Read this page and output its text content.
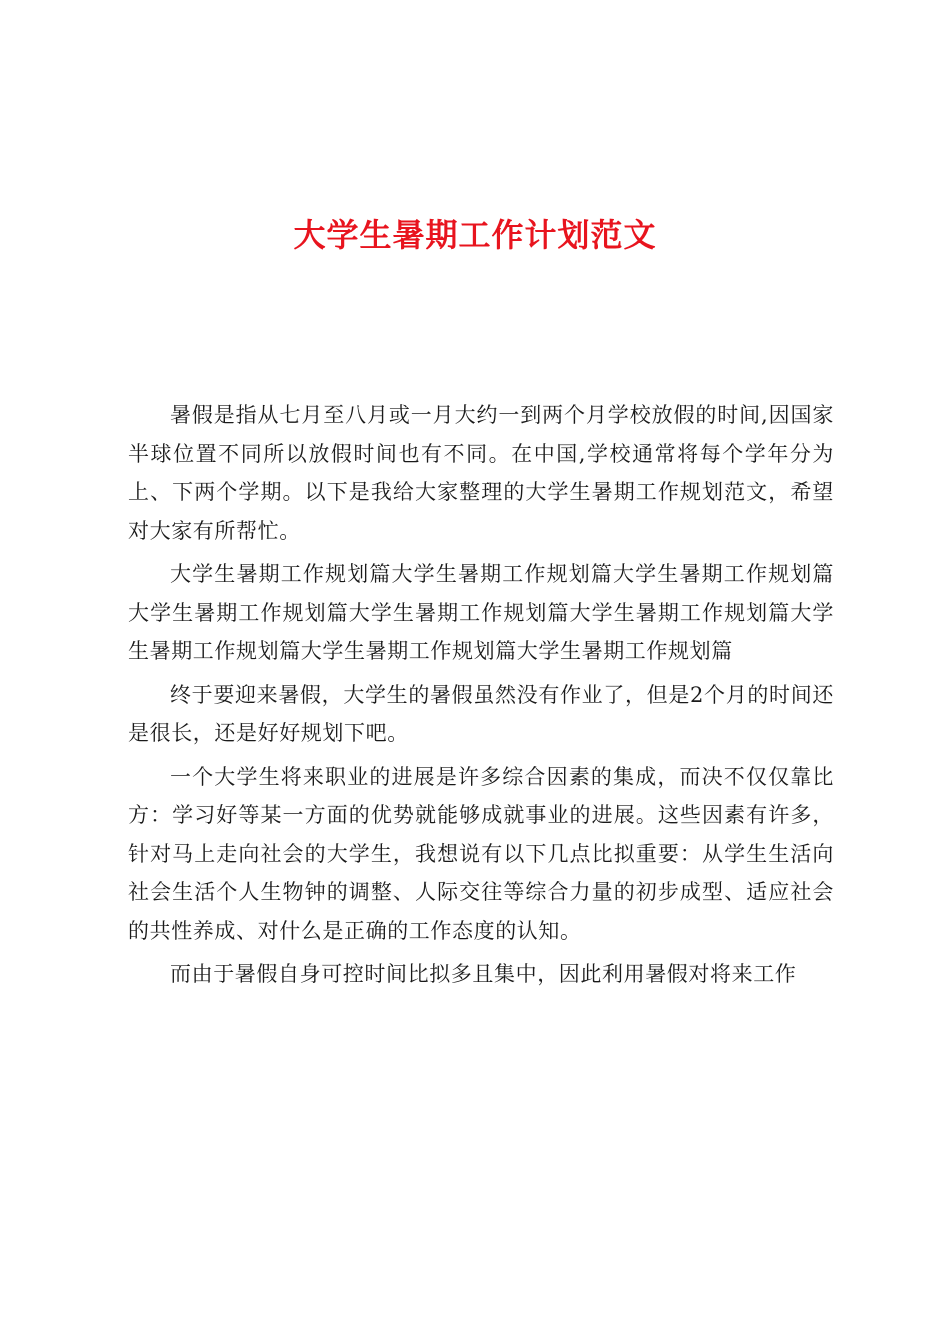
大学生暑期工作计划范文

暑假是指从七月至八月或一月大约一到两个月学校放假的时间,因国家半球位置不同所以放假时间也有不同。在中国,学校通常将每个学年分为上、下两个学期。以下是我给大家整理的大学生暑期工作规划范文，希望对大家有所帮忙。

大学生暑期工作规划篇大学生暑期工作规划篇大学生暑期工作规划篇大学生暑期工作规划篇大学生暑期工作规划篇大学生暑期工作规划篇大学生暑期工作规划篇大学生暑期工作规划篇大学生暑期工作规划篇

终于要迎来暑假，大学生的暑假虽然没有作业了，但是2个月的时间还是很长，还是好好规划下吧。

一个大学生将来职业的进展是许多综合因素的集成，而决不仅仅靠比方：学习好等某一方面的优势就能够成就事业的进展。这些因素有许多，针对马上走向社会的大学生，我想说有以下几点比拟重要：从学生生活向社会生活个人生物钟的调整、人际交往等综合力量的初步成型、适应社会的共性养成、对什么是正确的工作态度的认知。

而由于暑假自身可控时间比拟多且集中，因此利用暑假对将来工作
